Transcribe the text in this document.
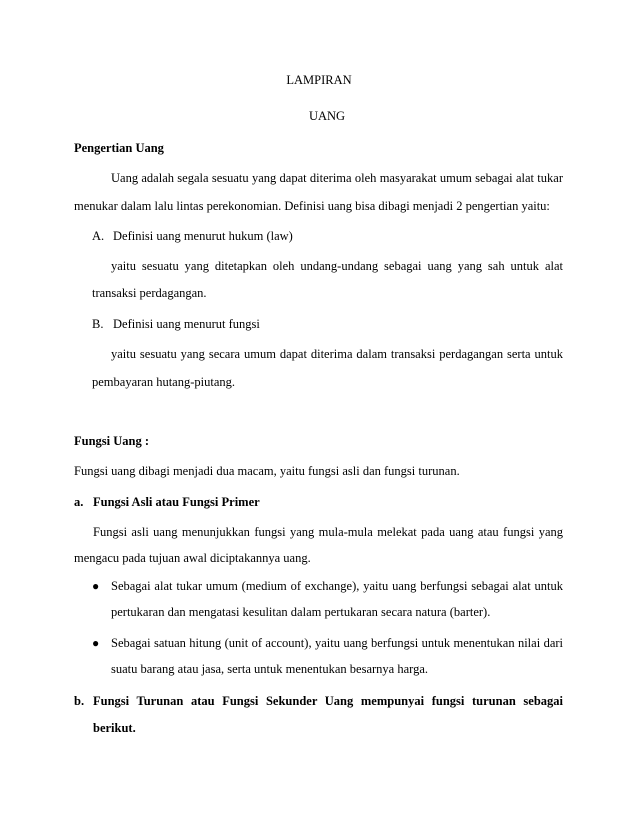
LAMPIRAN
UANG
Pengertian Uang
Uang adalah segala sesuatu yang dapat diterima oleh masyarakat umum sebagai alat tukar
menukar dalam lalu lintas perekonomian. Definisi uang bisa dibagi menjadi 2 pengertian yaitu:
A. Definisi uang menurut hukum (law)
yaitu sesuatu yang ditetapkan oleh undang-undang sebagai uang yang sah untuk alat
transaksi perdagangan.
B. Definisi uang menurut fungsi
yaitu sesuatu yang secara umum dapat diterima dalam transaksi perdagangan serta untuk
pembayaran hutang-piutang.
Fungsi Uang :
Fungsi uang dibagi menjadi dua macam, yaitu fungsi asli dan fungsi turunan.
a. Fungsi Asli atau Fungsi Primer
Fungsi asli uang menunjukkan fungsi yang mula-mula melekat pada uang atau fungsi yang
mengacu pada tujuan awal diciptakannya uang.
● Sebagai alat tukar umum (medium of exchange), yaitu uang berfungsi sebagai alat untuk
pertukaran dan mengatasi kesulitan dalam pertukaran secara natura (barter).
● Sebagai satuan hitung (unit of account), yaitu uang berfungsi untuk menentukan nilai dari
suatu barang atau jasa, serta untuk menentukan besarnya harga.
b. Fungsi Turunan atau Fungsi Sekunder Uang mempunyai fungsi turunan sebagai
berikut.
